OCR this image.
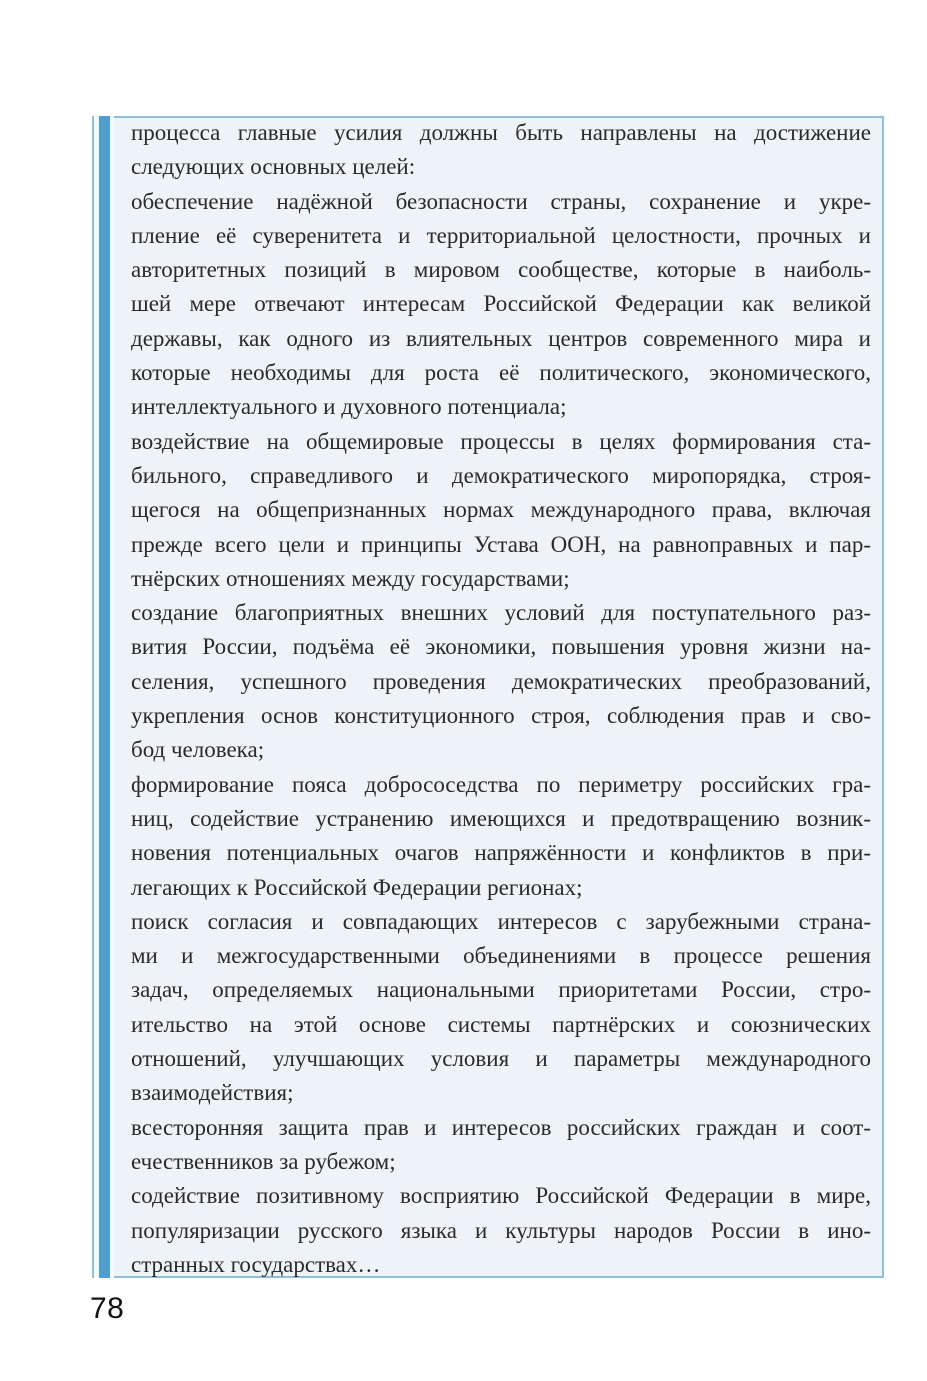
процесса главные усилия должны быть направлены на достижение
следующих основных целей:
обеспечение надёжной безопасности страны, сохранение и укре-
пление её суверенитета и территориальной целостности, прочных и
авторитетных позиций в мировом сообществе, которые в наиболь-
шей мере отвечают интересам Российской Федерации как великой
державы, как одного из влиятельных центров современного мира и
которые необходимы для роста её политического, экономического,
интеллектуального и духовного потенциала;
воздействие на общемировые процессы в целях формирования ста-
бильного, справедливого и демократического миропорядка, строя-
щегося на общепризнанных нормах международного права, включая
прежде всего цели и принципы Устава ООН, на равноправных и пар-
тнёрских отношениях между государствами;
создание благоприятных внешних условий для поступательного раз-
вития России, подъёма её экономики, повышения уровня жизни на-
селения, успешного проведения демократических преобразований,
укрепления основ конституционного строя, соблюдения прав и сво-
бод человека;
формирование пояса добрососедства по периметру российских гра-
ниц, содействие устранению имеющихся и предотвращению возник-
новения потенциальных очагов напряжённости и конфликтов в при-
легающих к Российской Федерации регионах;
поиск согласия и совпадающих интересов с зарубежными страна-
ми и межгосударственными объединениями в процессе решения
задач, определяемых национальными приоритетами России, стро-
ительство на этой основе системы партнёрских и союзнических
отношений, улучшающих условия и параметры международного
взаимодействия;
всесторонняя защита прав и интересов российских граждан и соот-
ечественников за рубежом;
содействие позитивному восприятию Российской Федерации в мире,
популяризации русского языка и культуры народов России в ино-
странных государствах…
78
